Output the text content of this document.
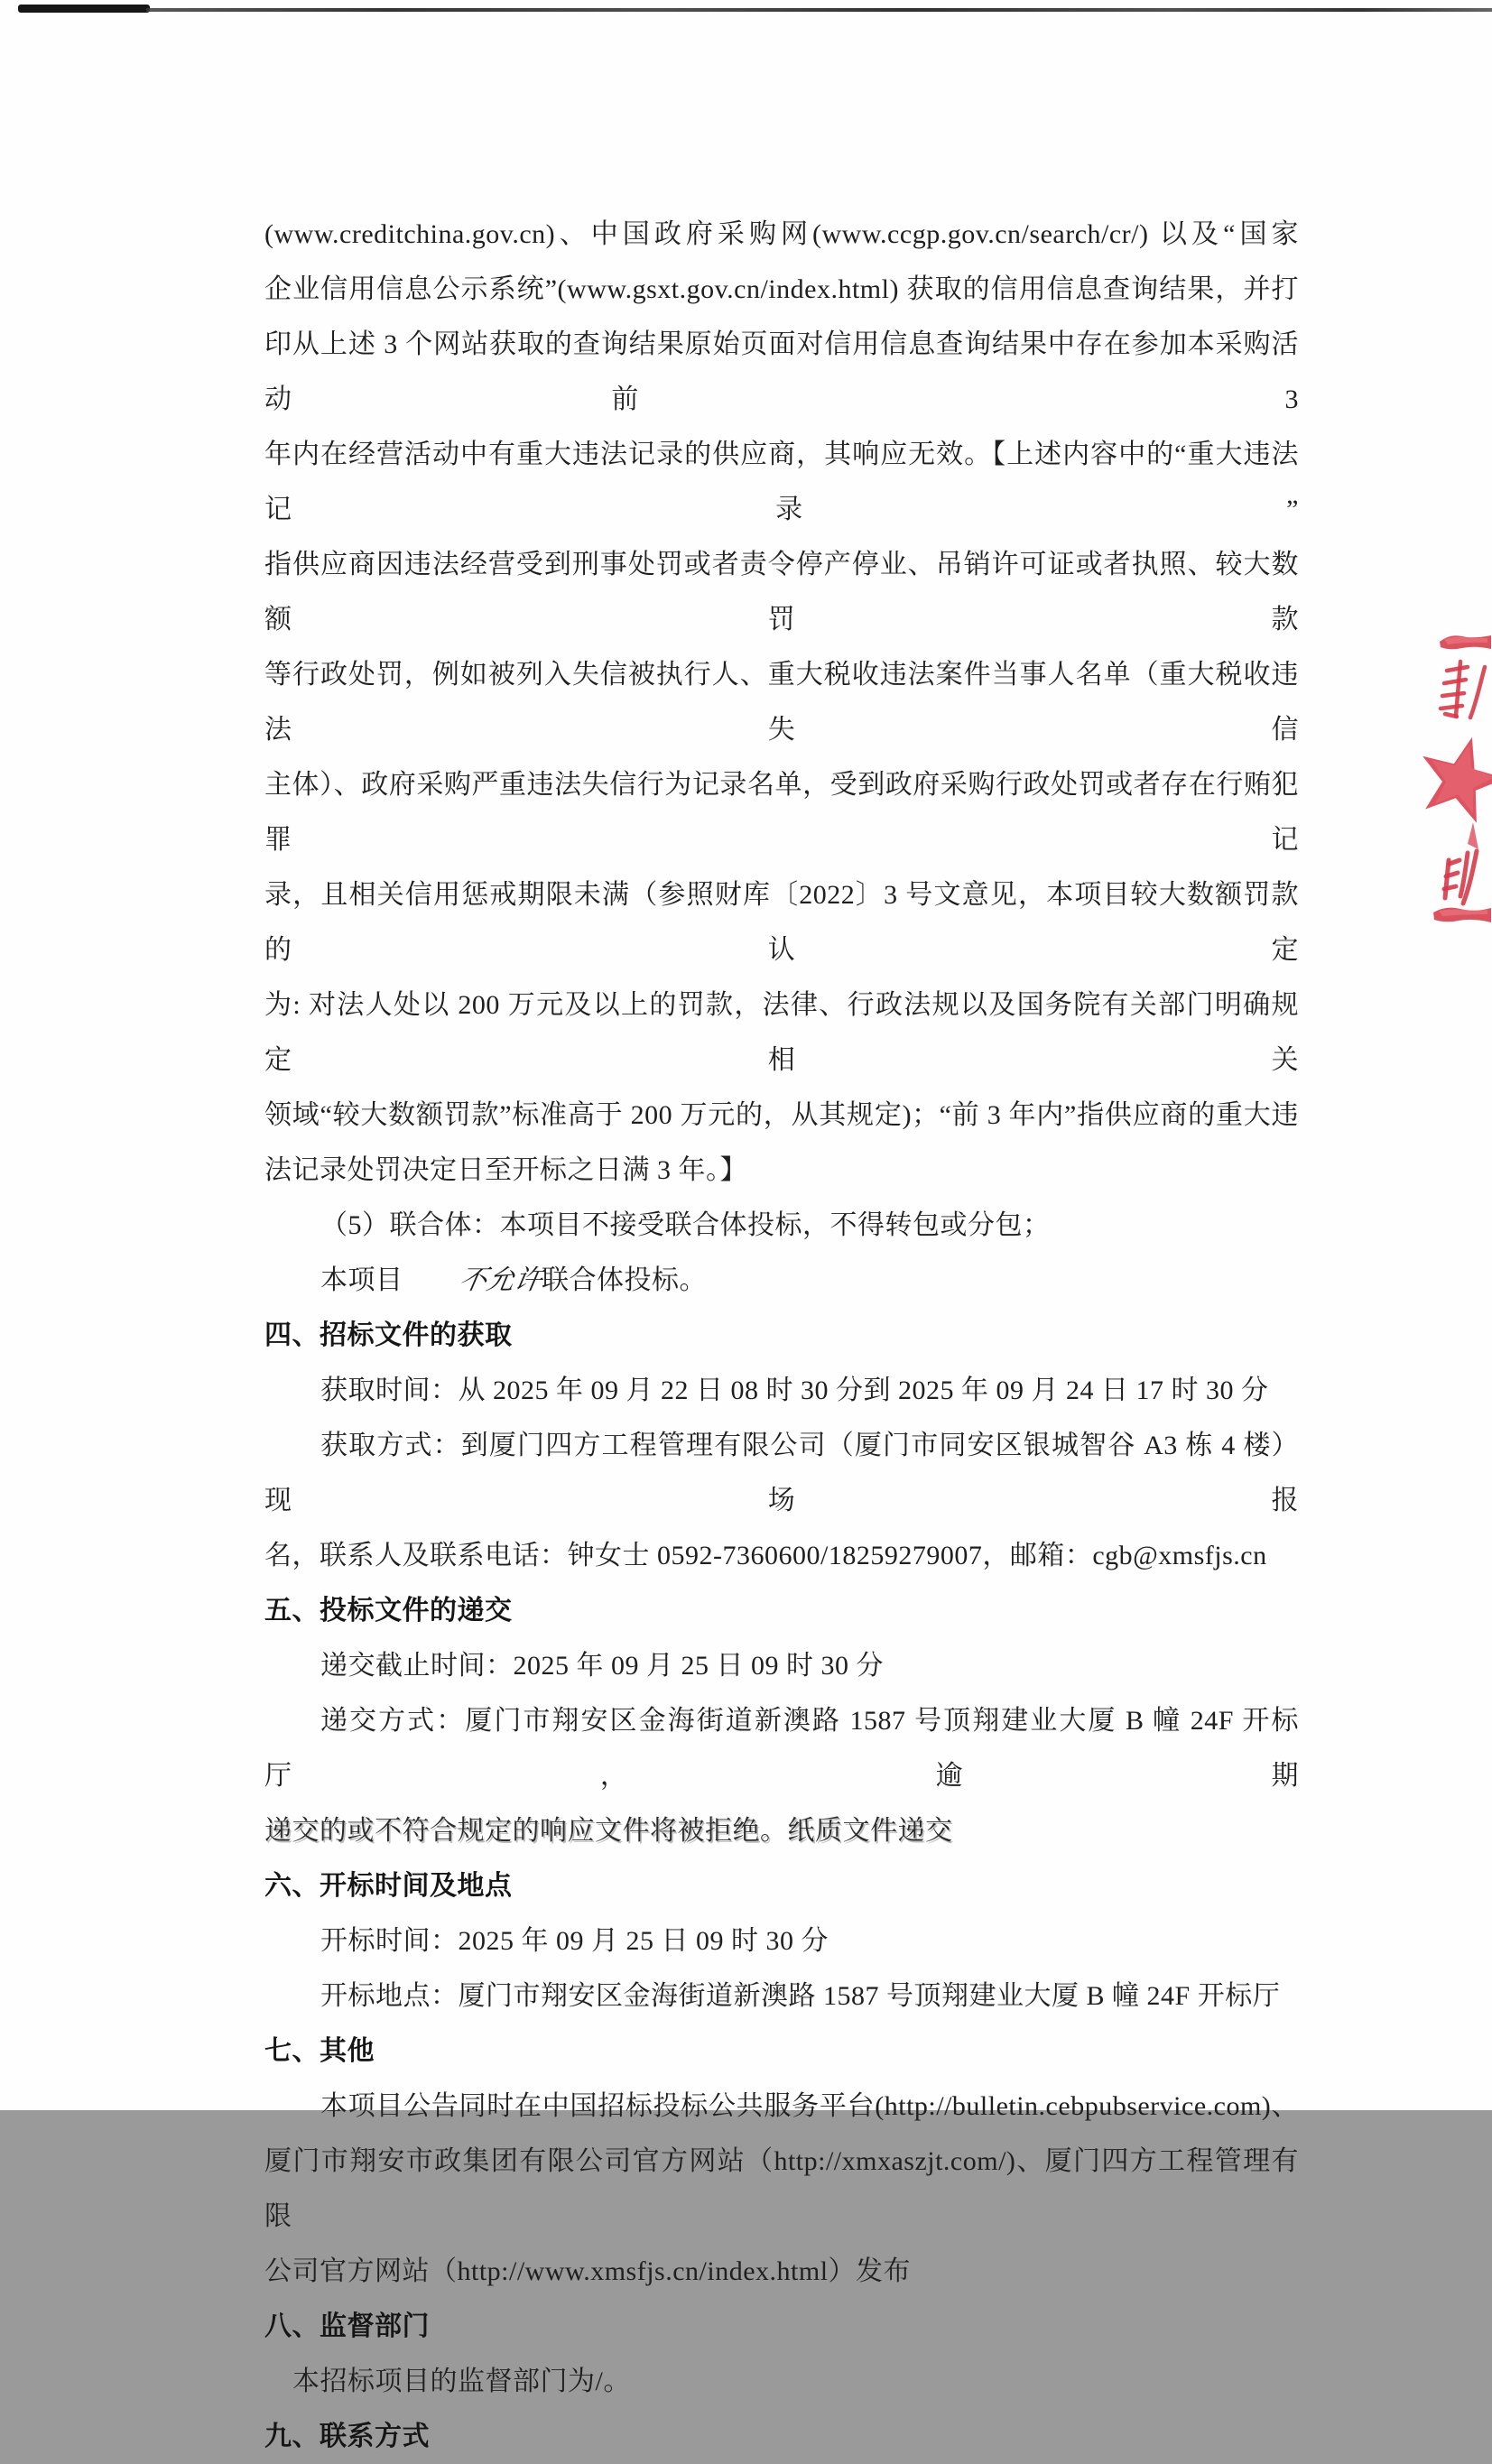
(www.creditchina.gov.cn)、中国政府采购网(www.ccgp.gov.cn/search/cr/) 以及“国家

企业信用信息公示系统”(www.gsxt.gov.cn/index.html) 获取的信用信息查询结果，并打

印从上述 3 个网站获取的查询结果原始页面对信用信息查询结果中存在参加本采购活动前 3

年内在经营活动中有重大违法记录的供应商，其响应无效。【上述内容中的“重大违法记录”

指供应商因违法经营受到刑事处罚或者责令停产停业、吊销许可证或者执照、较大数额罚款

等行政处罚，例如被列入失信被执行人、重大税收违法案件当事人名单（重大税收违法失信

主体）、政府采购严重违法失信行为记录名单，受到政府采购行政处罚或者存在行贿犯罪记

录，且相关信用惩戒期限未满（参照财库〔2022〕3 号文意见，本项目较大数额罚款的认定

为: 对法人处以 200 万元及以上的罚款，法律、行政法规以及国务院有关部门明确规定相关

领域“较大数额罚款”标准高于 200 万元的，从其规定)；“前 3 年内”指供应商的重大违

法记录处罚决定日至开标之日满 3 年。】

（5）联合体：本项目不接受联合体投标，不得转包或分包；

本项目 不允许联合体投标。

四、招标文件的获取

获取时间：从 2025 年 09 月 22 日 08 时 30 分到 2025 年 09 月 24 日 17 时 30 分

获取方式：到厦门四方工程管理有限公司（厦门市同安区银城智谷 A3 栋 4 楼）现场报

名，联系人及联系电话：钟女士 0592-7360600/18259279007，邮箱：cgb@xmsfjs.cn

五、投标文件的递交

递交截止时间：2025 年 09 月 25 日 09 时 30 分

递交方式：厦门市翔安区金海街道新澳路 1587 号顶翔建业大厦 B 幢 24F 开标厅，逾期

递交的或不符合规定的响应文件将被拒绝。纸质文件递交

六、开标时间及地点

开标时间：2025 年 09 月 25 日 09 时 30 分

开标地点：厦门市翔安区金海街道新澳路 1587 号顶翔建业大厦 B 幢 24F 开标厅

七、其他

本项目公告同时在中国招标投标公共服务平台(http://bulletin.cebpubservice.com)、

厦门市翔安市政集团有限公司官方网站（http://xmxaszjt.com/)、厦门四方工程管理有限

公司官方网站（http://www.xmsfjs.cn/index.html）发布

八、监督部门

本招标项目的监督部门为/。

九、联系方式
